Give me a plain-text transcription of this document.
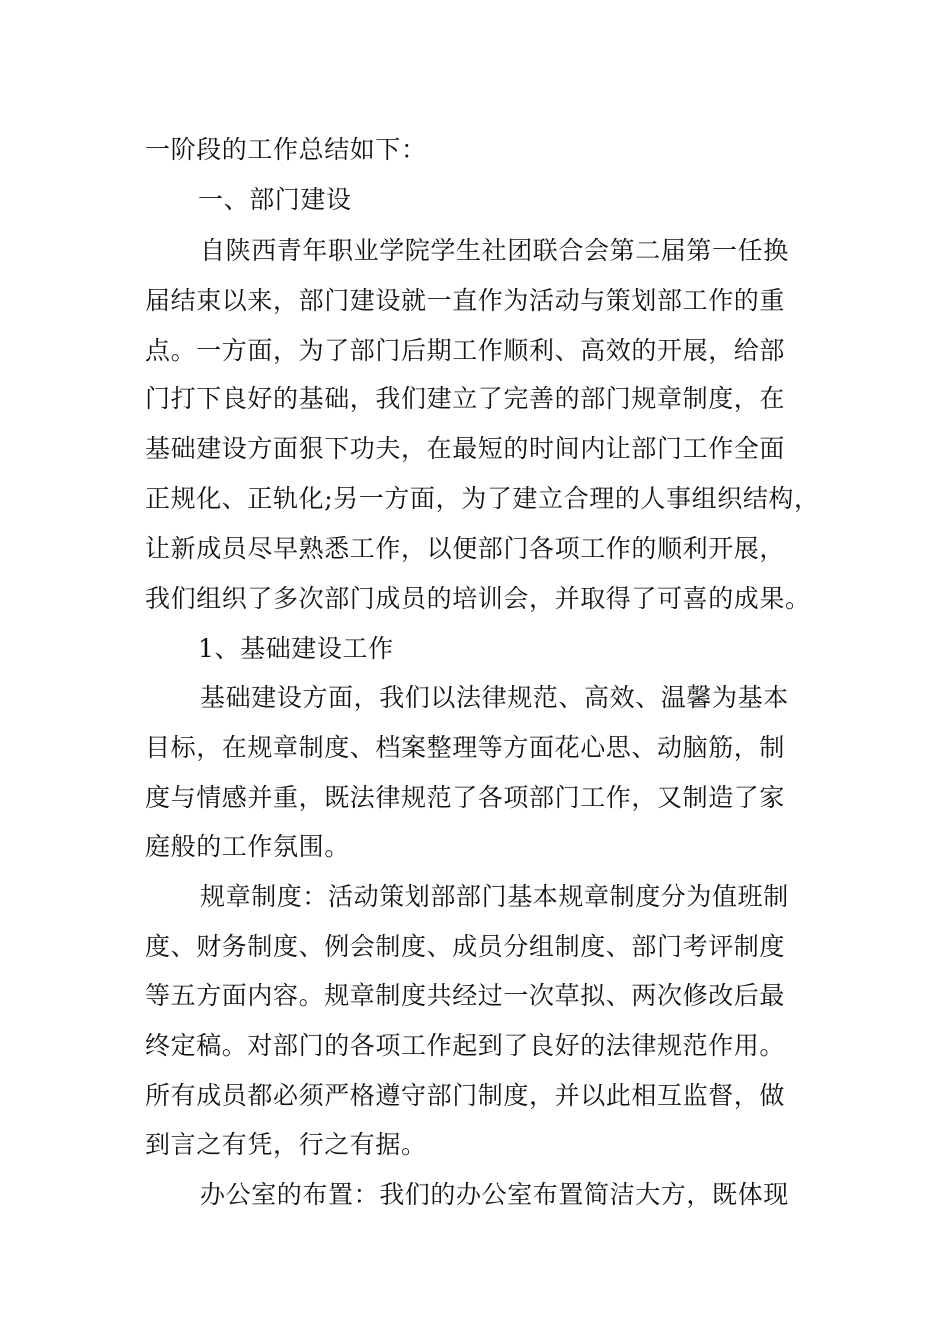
一阶段的工作总结如下：
一、部门建设
自陕西青年职业学院学生社团联合会第二届第一任换
届结束以来，部门建设就一直作为活动与策划部工作的重
点。一方面，为了部门后期工作顺利、高效的开展，给部
门打下良好的基础，我们建立了完善的部门规章制度，在
基础建设方面狠下功夫，在最短的时间内让部门工作全面
正规化、正轨化;另一方面，为了建立合理的人事组织结构，
让新成员尽早熟悉工作，以便部门各项工作的顺利开展，
我们组织了多次部门成员的培训会，并取得了可喜的成果。
1、基础建设工作
基础建设方面，我们以法律规范、高效、温馨为基本
目标，在规章制度、档案整理等方面花心思、动脑筋，制
度与情感并重，既法律规范了各项部门工作，又制造了家
庭般的工作氛围。
规章制度：活动策划部部门基本规章制度分为值班制
度、财务制度、例会制度、成员分组制度、部门考评制度
等五方面内容。规章制度共经过一次草拟、两次修改后最
终定稿。对部门的各项工作起到了良好的法律规范作用。
所有成员都必须严格遵守部门制度，并以此相互监督，做
到言之有凭，行之有据。
办公室的布置：我们的办公室布置简洁大方，既体现
